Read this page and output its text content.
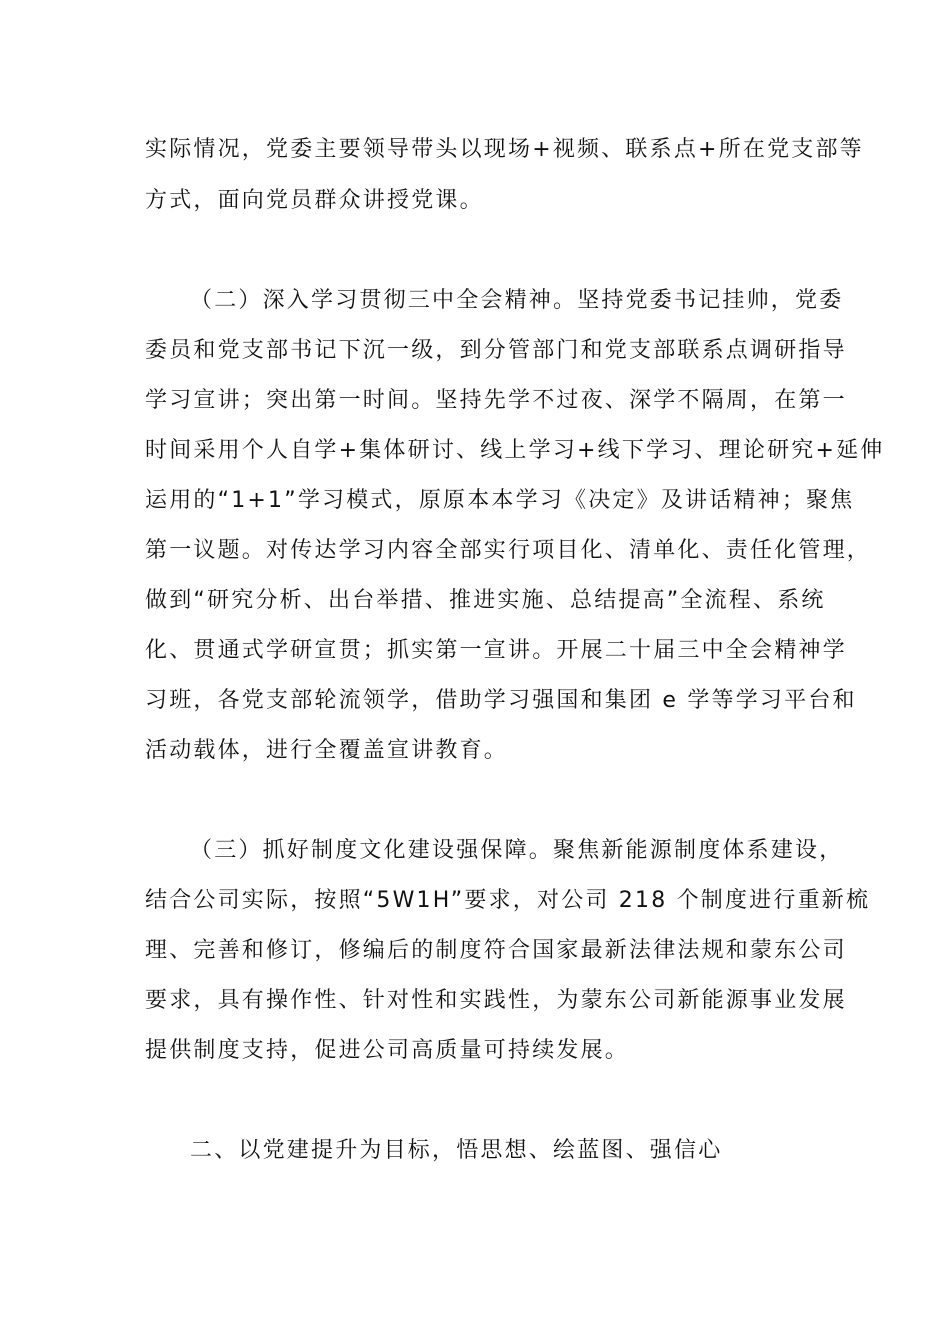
实际情况，党委主要领导带头以现场+视频、联系点+所在党支部等
方式，面向党员群众讲授党课。
（二）深入学习贯彻三中全会精神。坚持党委书记挂帅，党委
委员和党支部书记下沉一级，到分管部门和党支部联系点调研指导
学习宣讲；突出第一时间。坚持先学不过夜、深学不隔周，在第一
时间采用个人自学+集体研讨、线上学习+线下学习、理论研究+延伸
运用的“1+1”学习模式，原原本本学习《决定》及讲话精神；聚焦
第一议题。对传达学习内容全部实行项目化、清单化、责任化管理，
做到“研究分析、出台举措、推进实施、总结提高”全流程、系统
化、贯通式学研宣贯；抓实第一宣讲。开展二十届三中全会精神学
习班，各党支部轮流领学，借助学习强国和集团 e 学等学习平台和
活动载体，进行全覆盖宣讲教育。
（三）抓好制度文化建设强保障。聚焦新能源制度体系建设，
结合公司实际，按照“5W1H”要求，对公司 218 个制度进行重新梳
理、完善和修订，修编后的制度符合国家最新法律法规和蒙东公司
要求，具有操作性、针对性和实践性，为蒙东公司新能源事业发展
提供制度支持，促进公司高质量可持续发展。
二、以党建提升为目标，悟思想、绘蓝图、强信心
